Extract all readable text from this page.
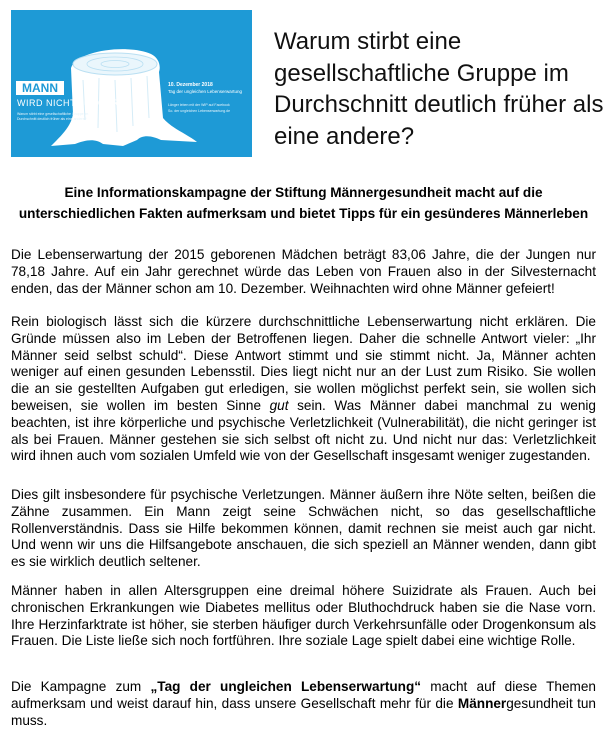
MANN
WIRD NICHT JÜNGER
Warum stirbt eine gesellschaftliche Gruppe im Durchschnitt deutlich früher als eine andere?
10. Dezember 2018
Tag der ungleichen Lebenserwartung
Länger leben mit der WIP auf Facebook
So. der ungleichen Lebenserwartung.de
Warum stirbt eine gesellschaftliche Gruppe im Durchschnitt deutlich früher als eine andere?
Eine Informationskampagne der Stiftung Männergesundheit macht auf die unterschiedlichen Fakten aufmerksam und bietet Tipps für ein gesünderes Männerleben

Die Lebenserwartung der 2015 geborenen Mädchen beträgt 83,06 Jahre, die der Jungen nur 78,18 Jahre. Auf ein Jahr gerechnet würde das Leben von Frauen also in der Silvesternacht enden, das der Männer schon am 10. Dezember. Weihnachten wird ohne Männer gefeiert!

Rein biologisch lässt sich die kürzere durchschnittliche Lebenserwartung nicht erklären. Die Gründe müssen also im Leben der Betroffenen liegen. Daher die schnelle Antwort vieler: „Ihr Männer seid selbst schuld“. Diese Antwort stimmt und sie stimmt nicht. Ja, Männer achten weniger auf einen gesunden Lebensstil. Dies liegt nicht nur an der Lust zum Risiko. Sie wollen die an sie gestellten Aufgaben gut erledigen, sie wollen möglichst perfekt sein, sie wollen sich beweisen, sie wollen im besten Sinne gut sein. Was Männer dabei manchmal zu wenig beachten, ist ihre körperliche und psychische Verletzlichkeit (Vulnerabilität), die nicht geringer ist als bei Frauen. Männer gestehen sie sich selbst oft nicht zu. Und nicht nur das: Verletzlichkeit wird ihnen auch vom sozialen Umfeld wie von der Gesellschaft insgesamt weniger zugestanden.

Dies gilt insbesondere für psychische Verletzungen. Männer äußern ihre Nöte selten, beißen die Zähne zusammen. Ein Mann zeigt seine Schwächen nicht, so das gesellschaftliche Rollenverständnis. Dass sie Hilfe bekommen können, damit rechnen sie meist auch gar nicht. Und wenn wir uns die Hilfsangebote anschauen, die sich speziell an Männer wenden, dann gibt es sie wirklich deutlich seltener.

Männer haben in allen Altersgruppen eine dreimal höhere Suizidrate als Frauen. Auch bei chronischen Erkrankungen wie Diabetes mellitus oder Bluthochdruck haben sie die Nase vorn. Ihre Herzinfarktrate ist höher, sie sterben häufiger durch Verkehrsunfälle oder Drogenkonsum als Frauen. Die Liste ließe sich noch fortführen. Ihre soziale Lage spielt dabei eine wichtige Rolle.

Die Kampagne zum „Tag der ungleichen Lebenserwartung“ macht auf diese Themen aufmerksam und weist darauf hin, dass unsere Gesellschaft mehr für die Männergesundheit tun muss.
